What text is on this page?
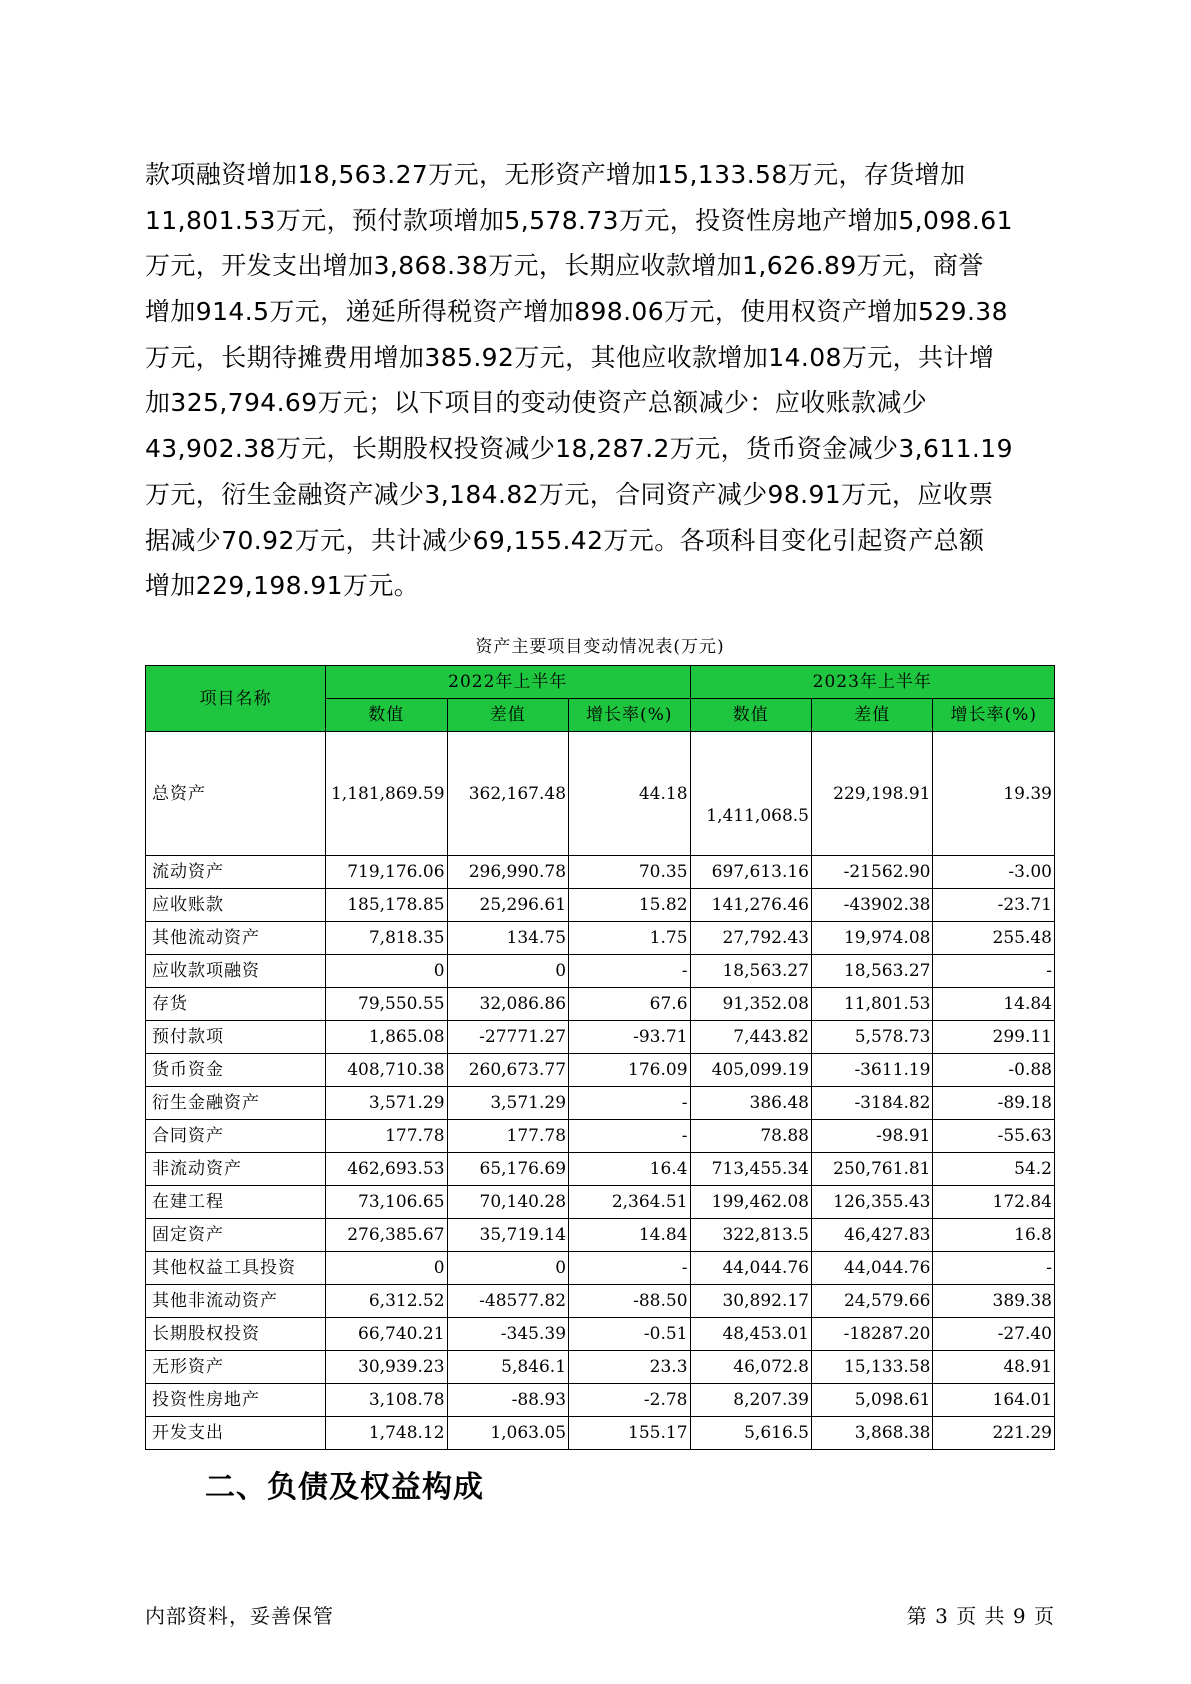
款项融资增加18,563.27万元，无形资产增加15,133.58万元，存货增加
11,801.53万元，预付款项增加5,578.73万元，投资性房地产增加5,098.61
万元，开发支出增加3,868.38万元，长期应收款增加1,626.89万元，商誉
增加914.5万元，递延所得税资产增加898.06万元，使用权资产增加529.38
万元，长期待摊费用增加385.92万元，其他应收款增加14.08万元，共计增
加325,794.69万元；以下项目的变动使资产总额减少：应收账款减少
43,902.38万元，长期股权投资减少18,287.2万元，货币资金减少3,611.19
万元，衍生金融资产减少3,184.82万元，合同资产减少98.91万元，应收票
据减少70.92万元，共计减少69,155.42万元。各项科目变化引起资产总额
增加229,198.91万元。
资产主要项目变动情况表(万元)
项目名称	2022年上半年			2023年上半年		
	数值	差值	增长率(%)	数值	差值	增长率(%)
总资产	1,181,869.59	362,167.48	44.18	1,411,068.5	229,198.91	19.39
流动资产	719,176.06	296,990.78	70.35	697,613.16	-21562.90	-3.00
应收账款	185,178.85	25,296.61	15.82	141,276.46	-43902.38	-23.71
其他流动资产	7,818.35	134.75	1.75	27,792.43	19,974.08	255.48
应收款项融资	0	0	-	18,563.27	18,563.27	-
存货	79,550.55	32,086.86	67.6	91,352.08	11,801.53	14.84
预付款项	1,865.08	-27771.27	-93.71	7,443.82	5,578.73	299.11
货币资金	408,710.38	260,673.77	176.09	405,099.19	-3611.19	-0.88
衍生金融资产	3,571.29	3,571.29	-	386.48	-3184.82	-89.18
合同资产	177.78	177.78	-	78.88	-98.91	-55.63
非流动资产	462,693.53	65,176.69	16.4	713,455.34	250,761.81	54.2
在建工程	73,106.65	70,140.28	2,364.51	199,462.08	126,355.43	172.84
固定资产	276,385.67	35,719.14	14.84	322,813.5	46,427.83	16.8
其他权益工具投资	0	0	-	44,044.76	44,044.76	-
其他非流动资产	6,312.52	-48577.82	-88.50	30,892.17	24,579.66	389.38
长期股权投资	66,740.21	-345.39	-0.51	48,453.01	-18287.20	-27.40
无形资产	30,939.23	5,846.1	23.3	46,072.8	15,133.58	48.91
投资性房地产	3,108.78	-88.93	-2.78	8,207.39	5,098.61	164.01
开发支出	1,748.12	1,063.05	155.17	5,616.5	3,868.38	221.29
二、负债及权益构成
内部资料，妥善保管	第 3 页 共 9 页
